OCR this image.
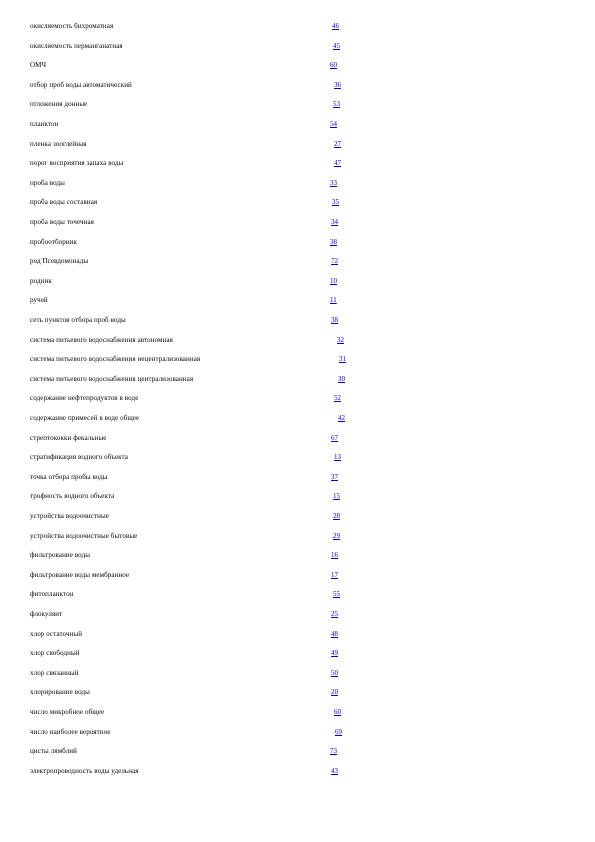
окисляемость бихроматная	46
окисляемость перманганатная	45
ОМЧ	60
отбор проб воды автоматический	36
отложения донные	53
планктон	54
пленка зооглейная	27
порог восприятия запаха воды	47
проба воды	33
проба воды составная	35
проба воды точечная	34
пробоотборник	38
род Псевдомонады	72
родник	10
ручей	11
сеть пунктов отбора проб воды	38
система питьевого водоснабжения автономная	32
система питьевого водоснабжения нецентрализованная	31
система питьевого водоснабжения централизованная	30
содержание нефтепродуктов в воде	52
содержание примесей в воде общее	42
стрептококки фекальные	67
стратификация водного объекта	13
точка отбора пробы воды	37
трофность водного объекта	15
устройства водоочистные	28
устройства водоочистные бытовые	29
фильтрование воды	16
фильтрование воды мембранное	17
фитопланктон	55
флокулянт	25
хлор остаточный	48
хлор свободный	49
хлор связанный	50
хлорирование воды	20
число микробное общее	60
число наиболее вероятное	69
цисты лямблий	73
электропроводность воды удельная	43
